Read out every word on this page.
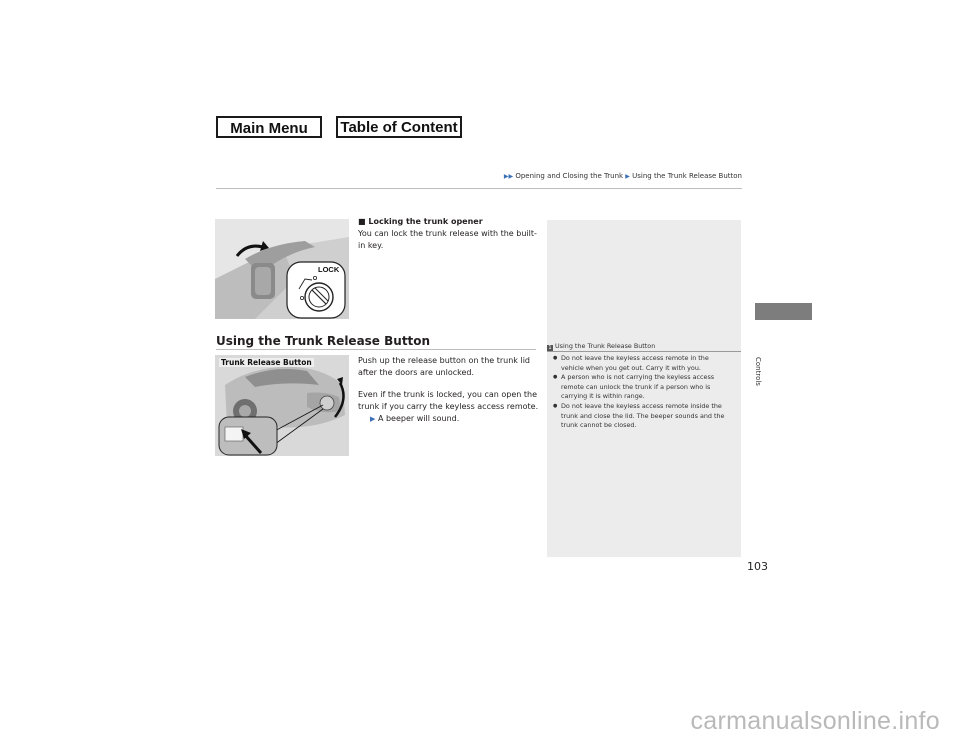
Main Menu	Table of Content
▶▶ Opening and Closing the Trunk ▶ Using the Trunk Release Button
LOCK
■ Locking the trunk opener
You can lock the trunk release with the built-
in key.
Using the Trunk Release Button
Trunk Release Button	Push up the release button on the trunk lid
after the doors are unlocked.
Even if the trunk is locked, you can open the
trunk if you carry the keyless access remote.
▶ A beeper will sound.
1 Using the Trunk Release Button
● Do not leave the keyless access remote in the
vehicle when you get out. Carry it with you.
● A person who is not carrying the keyless access
remote can unlock the trunk if a person who is
carrying it is within range.
● Do not leave the keyless access remote inside the
trunk and close the lid. The beeper sounds and the
trunk cannot be closed.
Controls
103
carmanualsonline.info
